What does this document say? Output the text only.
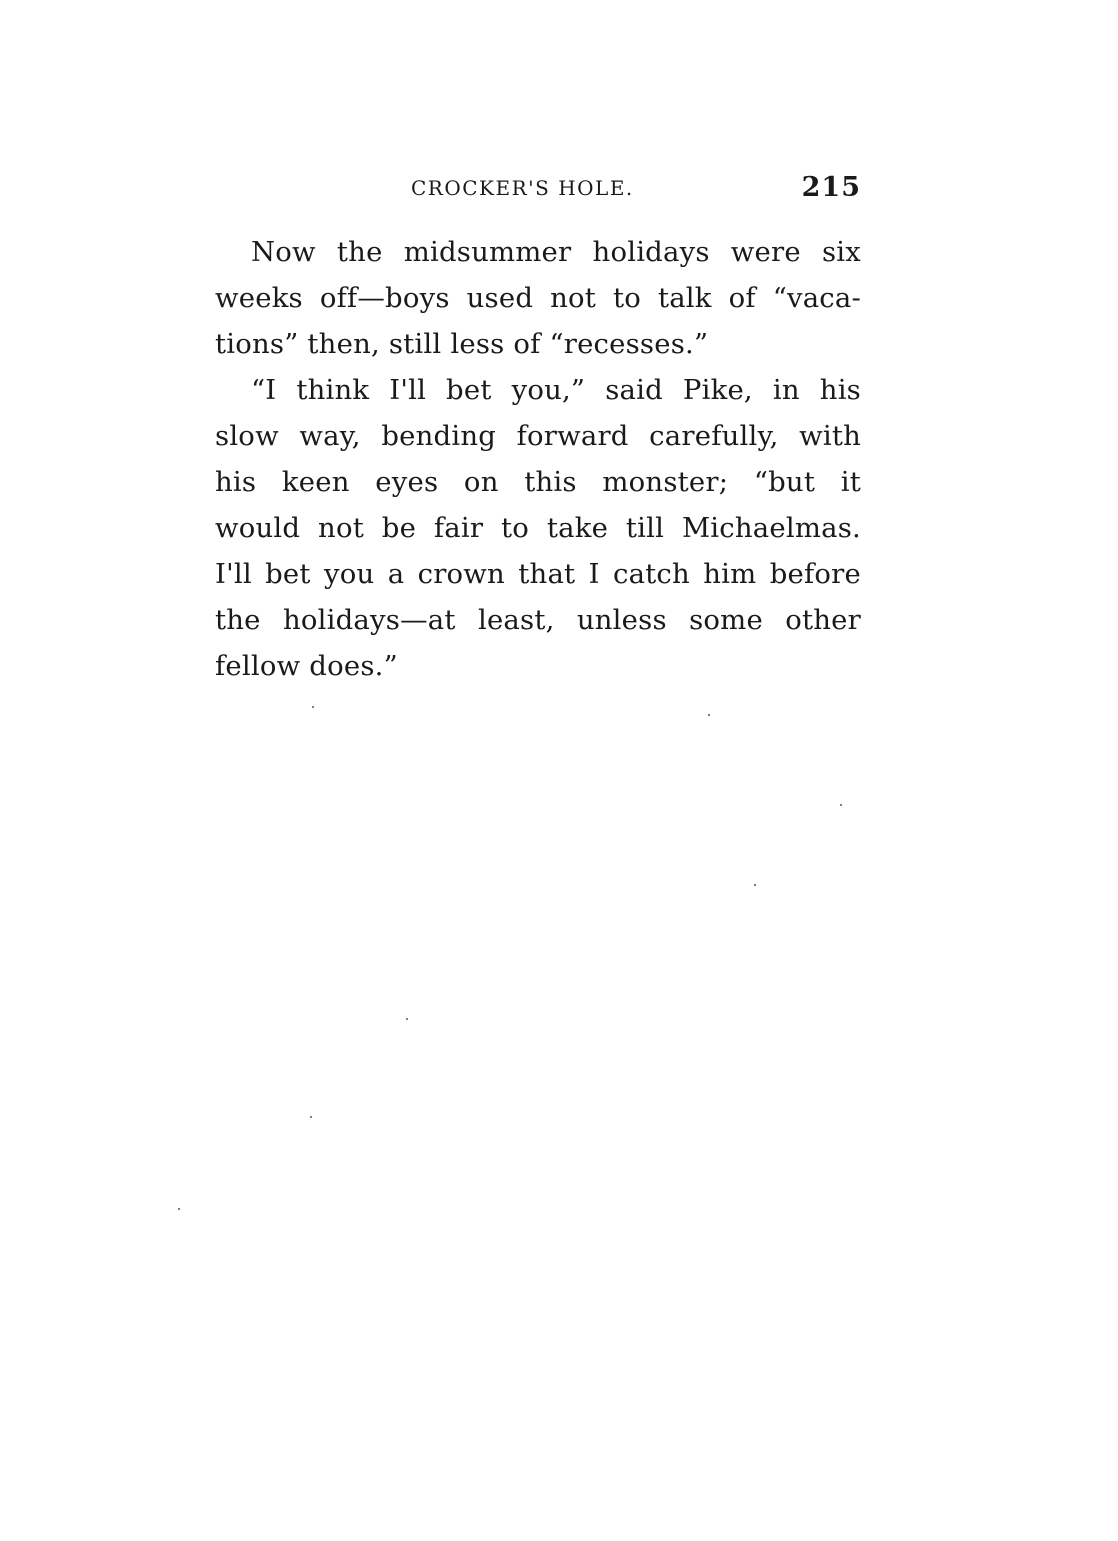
CROCKER'S HOLE.	215
Now the midsummer holidays were six
weeks off—boys used not to talk of “vaca-
tions” then, still less of “recesses.”
“I think I'll bet you,” said Pike, in his
slow way, bending forward carefully, with
his keen eyes on this monster; “but it
would not be fair to take till Michaelmas.
I'll bet you a crown that I catch him before
the holidays—at least, unless some other
fellow does.”
